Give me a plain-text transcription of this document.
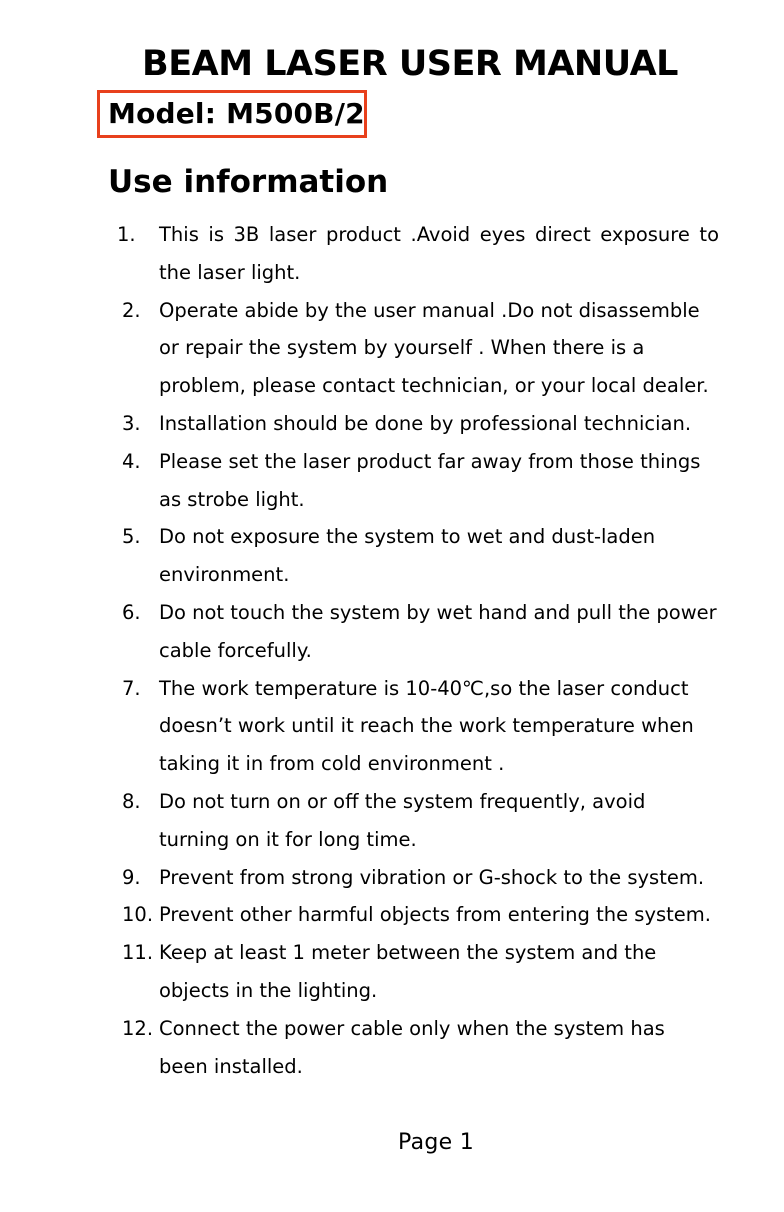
BEAM LASER USER MANUAL
Model: M500B/2
Use information
1. This is 3B laser product .Avoid eyes direct exposure to the laser light.
2. Operate abide by the user manual .Do not disassemble or repair the system by yourself . When there is a problem, please contact technician, or your local dealer.
3. Installation should be done by professional technician.
4. Please set the laser product far away from those things as strobe light.
5. Do not exposure the system to wet and dust-laden environment.
6. Do not touch the system by wet hand and pull the power cable forcefully.
7. The work temperature is 10-40℃,so the laser conduct doesn’t work until it reach the work temperature when taking it in from cold environment .
8. Do not turn on or off the system frequently, avoid turning on it for long time.
9. Prevent from strong vibration or G-shock to the system.
10. Prevent other harmful objects from entering the system.
11. Keep at least 1 meter between the system and the objects in the lighting.
12. Connect the power cable only when the system has been installed.
Page 1
